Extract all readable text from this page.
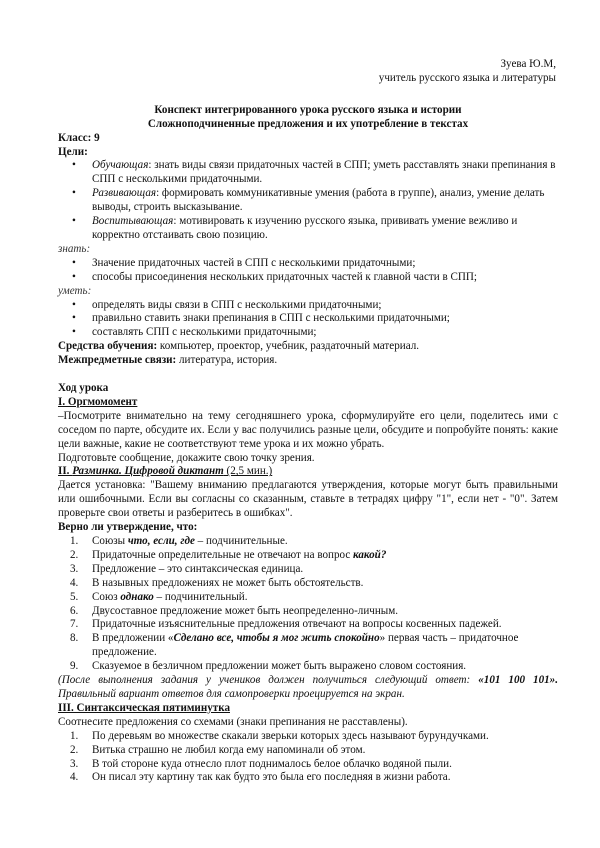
Зуева Ю.М,

учитель русского языка и литературы

Конспект интегрированного урока русского языка и истории

Сложноподчиненные предложения и их употребление в текстах

Класс: 9

Цели:

• Обучающая: знать виды связи придаточных частей в СПП; уметь расставлять знаки препинания в СПП с несколькими придаточными.
• Развивающая: формировать коммуникативные умения (работа в группе), анализ, умение делать выводы, строить высказывание.
• Воспитывающая: мотивировать к изучению русского языка, прививать умение вежливо и корректно отстаивать свою позицию.

знать:

• Значение придаточных частей в СПП с несколькими придаточными;
• способы присоединения нескольких придаточных частей к главной части в СПП;

уметь:

• определять виды связи в СПП с несколькими придаточными;
• правильно ставить знаки препинания в СПП с несколькими придаточными;
• составлять СПП с несколькими придаточными;

Средства обучения: компьютер, проектор, учебник, раздаточный материал.

Межпредметные связи: литература, история.

Ход урока

I. Оргмомомент

–Посмотрите внимательно на тему сегодняшнего урока, сформулируйте его цели, поделитесь ими с соседом по парте, обсудите их. Если у вас получились разные цели, обсудите и попробуйте понять: какие цели важные, какие не соответствуют теме урока и их можно убрать.

Подготовьте сообщение, докажите свою точку зрения.

II. Разминка. Цифровой диктант (2,5 мин.)

Дается установка: "Вашему вниманию предлагаются утверждения, которые могут быть правильными или ошибочными. Если вы согласны со сказанным, ставьте в тетрадях цифру "1", если нет - "0". Затем проверьте свои ответы и разберитесь в ошибках".

Верно ли утверждение, что:

1.	Союзы что, если, где – подчинительные.
2.	Придаточные определительные не отвечают на вопрос какой?
3.	Предложение – это синтаксическая единица.
4.	В назывных предложениях не может быть обстоятельств.
5.	Союз однако – подчинительный.
6.	Двусоставное предложение может быть неопределенно-личным.
7.	Придаточные изъяснительные предложения отвечают на вопросы косвенных падежей.
8.	В предложении «Сделано все, чтобы я мог жить спокойно» первая часть – придаточное предложение.
9.	Сказуемое в безличном предложении может быть выражено словом состояния.

(После выполнения задания у учеников должен получиться следующий ответ: «101 100 101». Правильный вариант ответов для самопроверки проецируется на экран.

III. Синтаксическая пятиминутка

Соотнесите предложения со схемами (знаки препинания не расставлены).

1.	По деревьям во множестве скакали зверьки которых здесь называют бурундучками.
2.	Витька страшно не любил когда ему напоминали об этом.
3.	В той стороне куда отнесло плот поднималось белое облачко водяной пыли.
4.	Он писал эту картину так как будто это была его последняя в жизни работа.
